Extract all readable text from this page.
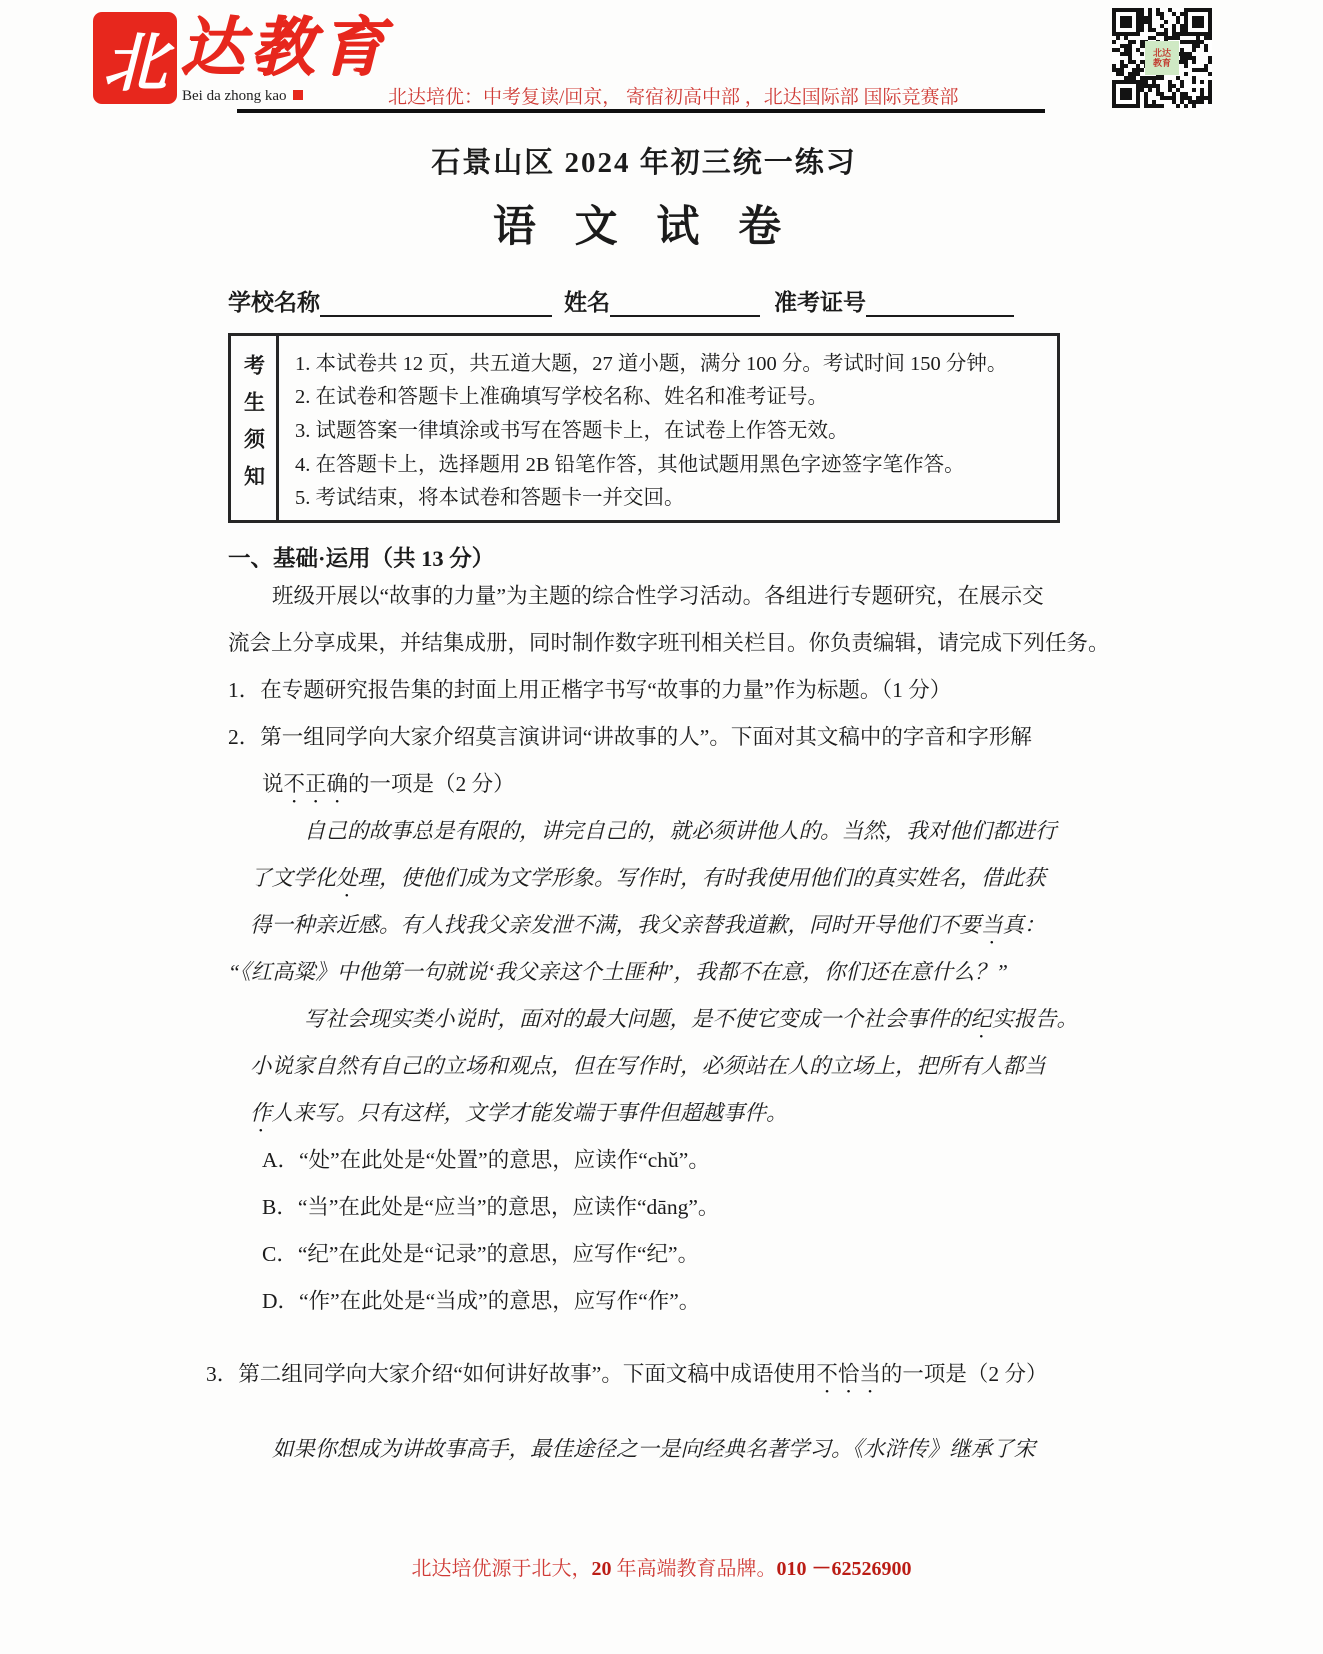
北 达教育
Bei da zhong kao	北达培优：中考复读/回京， 寄宿初高中部 ，北达国际部 国际竞赛部
北达
教育
石景山区 2024 年初三统一练习
语 文 试 卷
学校名称	姓名	准考证号
考生须知 1. 本试卷共 12 页，共五道大题，27 道小题，满分 100 分。考试时间 150 分钟。
2. 在试卷和答题卡上准确填写学校名称、姓名和准考证号。
3. 试题答案一律填涂或书写在答题卡上，在试卷上作答无效。
4. 在答题卡上，选择题用 2B 铅笔作答，其他试题用黑色字迹签字笔作答。
5. 考试结束，将本试卷和答题卡一并交回。
一、基础·运用（共 13 分）
班级开展以“故事的力量”为主题的综合性学习活动。各组进行专题研究，在展示交
流会上分享成果，并结集成册，同时制作数字班刊相关栏目。你负责编辑，请完成下列任务。
1．在专题研究报告集的封面上用正楷字书写“故事的力量”作为标题。（1 分）
2．第一组同学向大家介绍莫言演讲词“讲故事的人”。下面对其文稿中的字音和字形解
说不正确的一项是（2 分）
自己的故事总是有限的，讲完自己的，就必须讲他人的。当然，我对他们都进行
了文学化处理，使他们成为文学形象。写作时，有时我使用他们的真实姓名，借此获
得一种亲近感。有人找我父亲发泄不满，我父亲替我道歉，同时开导他们不要当真：
“《红高粱》中他第一句就说‘我父亲这个土匪种’，我都不在意，你们还在意什么？”
写社会现实类小说时，面对的最大问题，是不使它变成一个社会事件的纪实报告。
小说家自然有自己的立场和观点，但在写作时，必须站在人的立场上，把所有人都当
作人来写。只有这样，文学才能发端于事件但超越事件。
A．“处”在此处是“处置”的意思，应读作“chǔ”。
B．“当”在此处是“应当”的意思，应读作“dāng”。
C．“纪”在此处是“记录”的意思，应写作“纪”。
D．“作”在此处是“当成”的意思，应写作“作”。
3．第二组同学向大家介绍“如何讲好故事”。下面文稿中成语使用不恰当的一项是（2 分）
如果你想成为讲故事高手，最佳途径之一是向经典名著学习。《水浒传》继承了宋
北达培优源于北大，20 年高端教育品牌。010 －62526900
